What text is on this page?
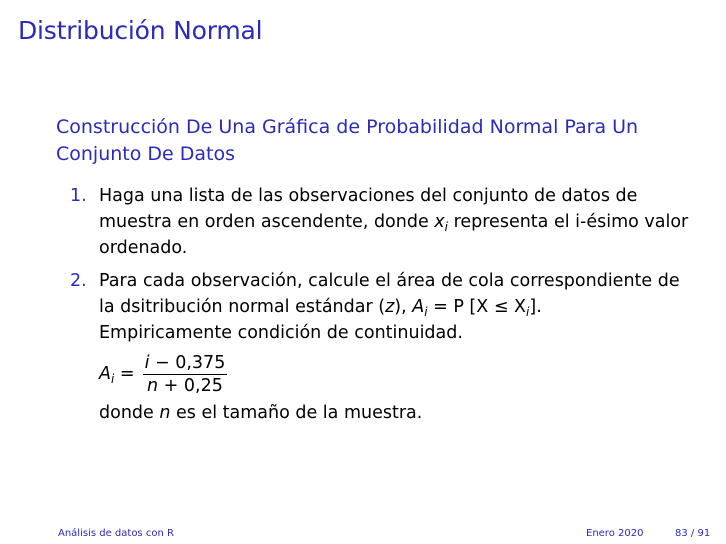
Distribución Normal
Construcción De Una Gráfica de Probabilidad Normal Para Un Conjunto De Datos
1. Haga una lista de las observaciones del conjunto de datos de
muestra en orden ascendente, donde $x_i$ representa el i-ésimo valor
ordenado.
2. Para cada observación, calcule el área de cola correspondiente de
la dsitribución normal estándar (z), $A_i = P$ $[X \le X_i]$.
Empiricamente condición de continuidad.
$A_i = \frac{i - 0,375}{n + 0,25}$
donde n es el tamaño de la muestra.
Análisis de datos con R	Enero 2020	83 / 91
